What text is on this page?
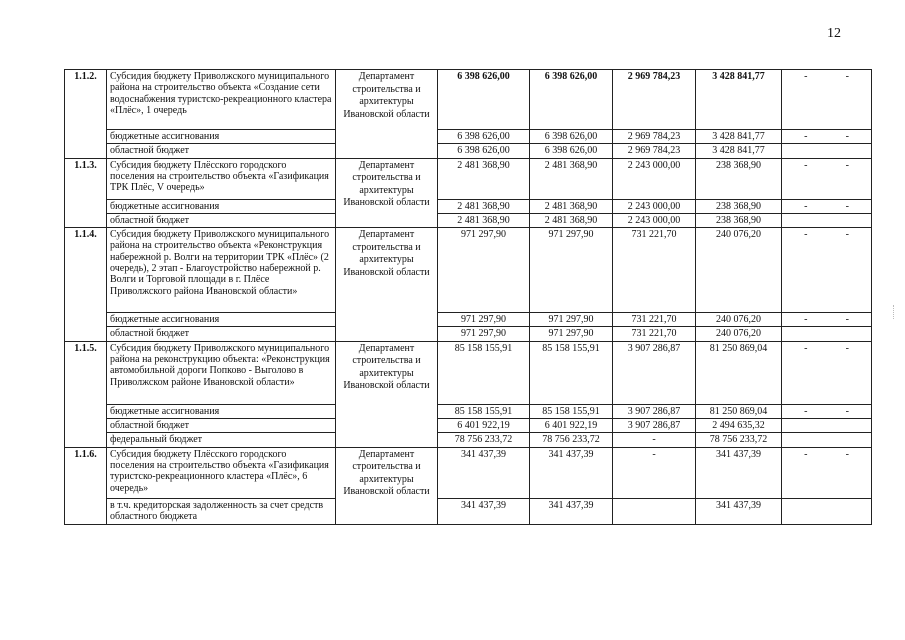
12
1.1.2.	Субсидия бюджету Приволжского муниципального района на строительство объекта «Создание сети водоснабжения туристско-рекреационного кластера «Плёс», 1 очередь	Департамент строительства и архитектуры Ивановской области	6 398 626,00	6 398 626,00	2 969 784,23	3 428 841,77	- -

	бюджетные ассигнования		6 398 626,00	6 398 626,00	2 969 784,23	3 428 841,77	- -

	областной бюджет		6 398 626,00	6 398 626,00	2 969 784,23	3 428 841,77	
1.1.3.	Субсидия бюджету Плёсского городского поселения на строительство объекта «Газификация ТРК Плёс, V очередь»	Департамент строительства и архитектуры Ивановской области	2 481 368,90	2 481 368,90	2 243 000,00	238 368,90	- -

	бюджетные ассигнования		2 481 368,90	2 481 368,90	2 243 000,00	238 368,90	- -

	областной бюджет		2 481 368,90	2 481 368,90	2 243 000,00	238 368,90	
1.1.4.	Субсидия бюджету Приволжского муниципального района на строительство объекта «Реконструкция набережной р. Волги на территории ТРК «Плёс» (2 очередь), 2 этап - Благоустройство набережной р. Волги и Торговой площади в г. Плёсе Приволжского района Ивановской области»	Департамент строительства и архитектуры Ивановской области	971 297,90	971 297,90	731 221,70	240 076,20	- -

	бюджетные ассигнования		971 297,90	971 297,90	731 221,70	240 076,20	- -

	областной бюджет		971 297,90	971 297,90	731 221,70	240 076,20	
1.1.5.	Субсидия бюджету Приволжского муниципального района на реконструкцию объекта: «Реконструкция автомобильной дороги Попково - Выголово в Приволжском районе Ивановской области»	Департамент строительства и архитектуры Ивановской области	85 158 155,91	85 158 155,91	3 907 286,87	81 250 869,04	- -

	бюджетные ассигнования		85 158 155,91	85 158 155,91	3 907 286,87	81 250 869,04	- -

	областной бюджет		6 401 922,19	6 401 922,19	3 907 286,87	2 494 635,32	
	федеральный бюджет		78 756 233,72	78 756 233,72	-	78 756 233,72	
1.1.6.	Субсидия бюджету Плёсского городского поселения на строительство объекта «Газификация туристско-рекреационного кластера «Плёс», 6 очередь»	Департамент строительства и архитектуры Ивановской области	341 437,39	341 437,39	-	341 437,39	- -

	в т.ч. кредиторская задолженность за счет средств областного бюджета		341 437,39	341 437,39		341 437,39	
